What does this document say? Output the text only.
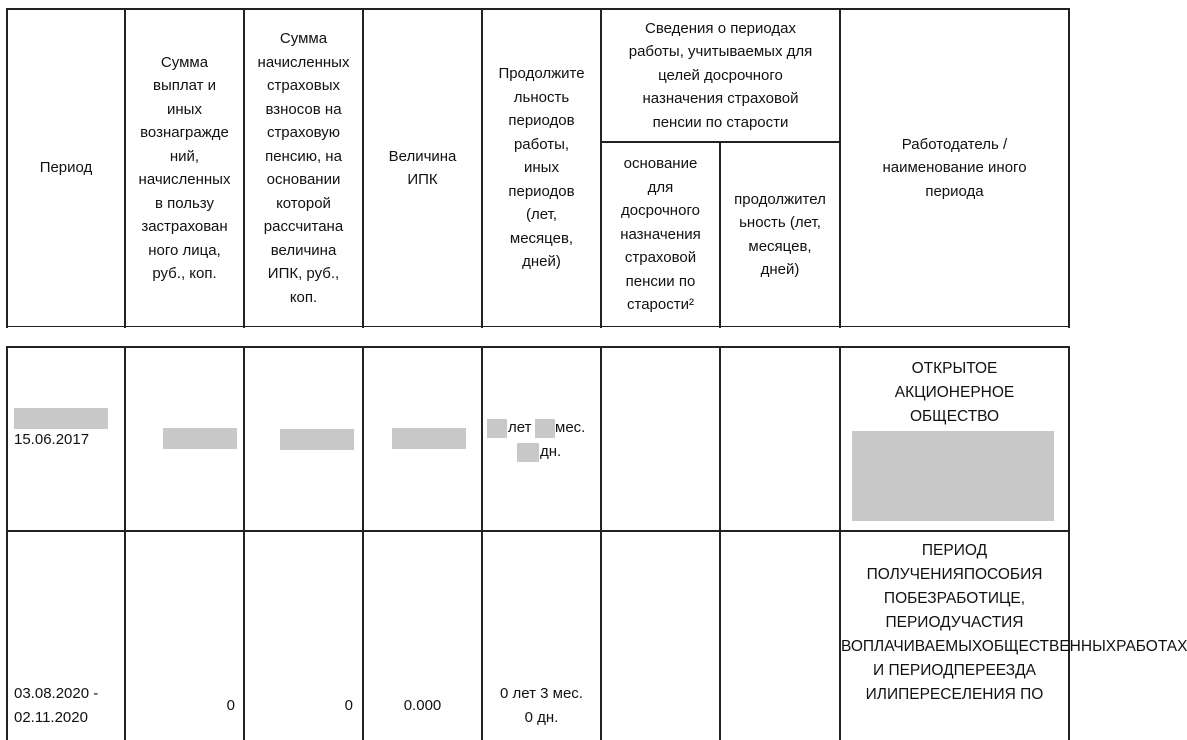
Период
Сумма
выплат и
иных
вознагражде
ний,
начисленных
в пользу
застрахован
ного лица,
руб., коп.
Сумма
начисленных
страховых
взносов на
страховую
пенсию, на
основании
которой
рассчитана
величина
ИПК, руб.,
коп.
Величина
ИПК
Продолжите
льность
периодов
работы,
иных
периодов
(лет,
месяцев,
дней)
Сведения о периодах
работы, учитываемых для
целей досрочного
назначения страховой
пенсии по старости
основание
для
досрочного
назначения
страховой
пенсии по
старости²
продолжител
ьность (лет,
месяцев,
дней)
Работодатель /
наименование иного
периода
15.06.2017
лет мес.
дн.
ОТКРЫТОЕ
АКЦИОНЕРНОЕ
ОБЩЕСТВО
03.08.2020 -
02.11.2020
0	0	0.000
0 лет 3 мес.
0 дн.
ПЕРИОД ПОЛУЧЕНИЯПОСОБИЯ ПОБЕЗРАБОТИЦЕ, ПЕРИОДУЧАСТИЯ ВОПЛАЧИВАЕМЫХОБЩЕСТВЕННЫХРАБОТАХ И ПЕРИОДПЕРЕЕЗДА ИЛИПЕРЕСЕЛЕНИЯ ПО
